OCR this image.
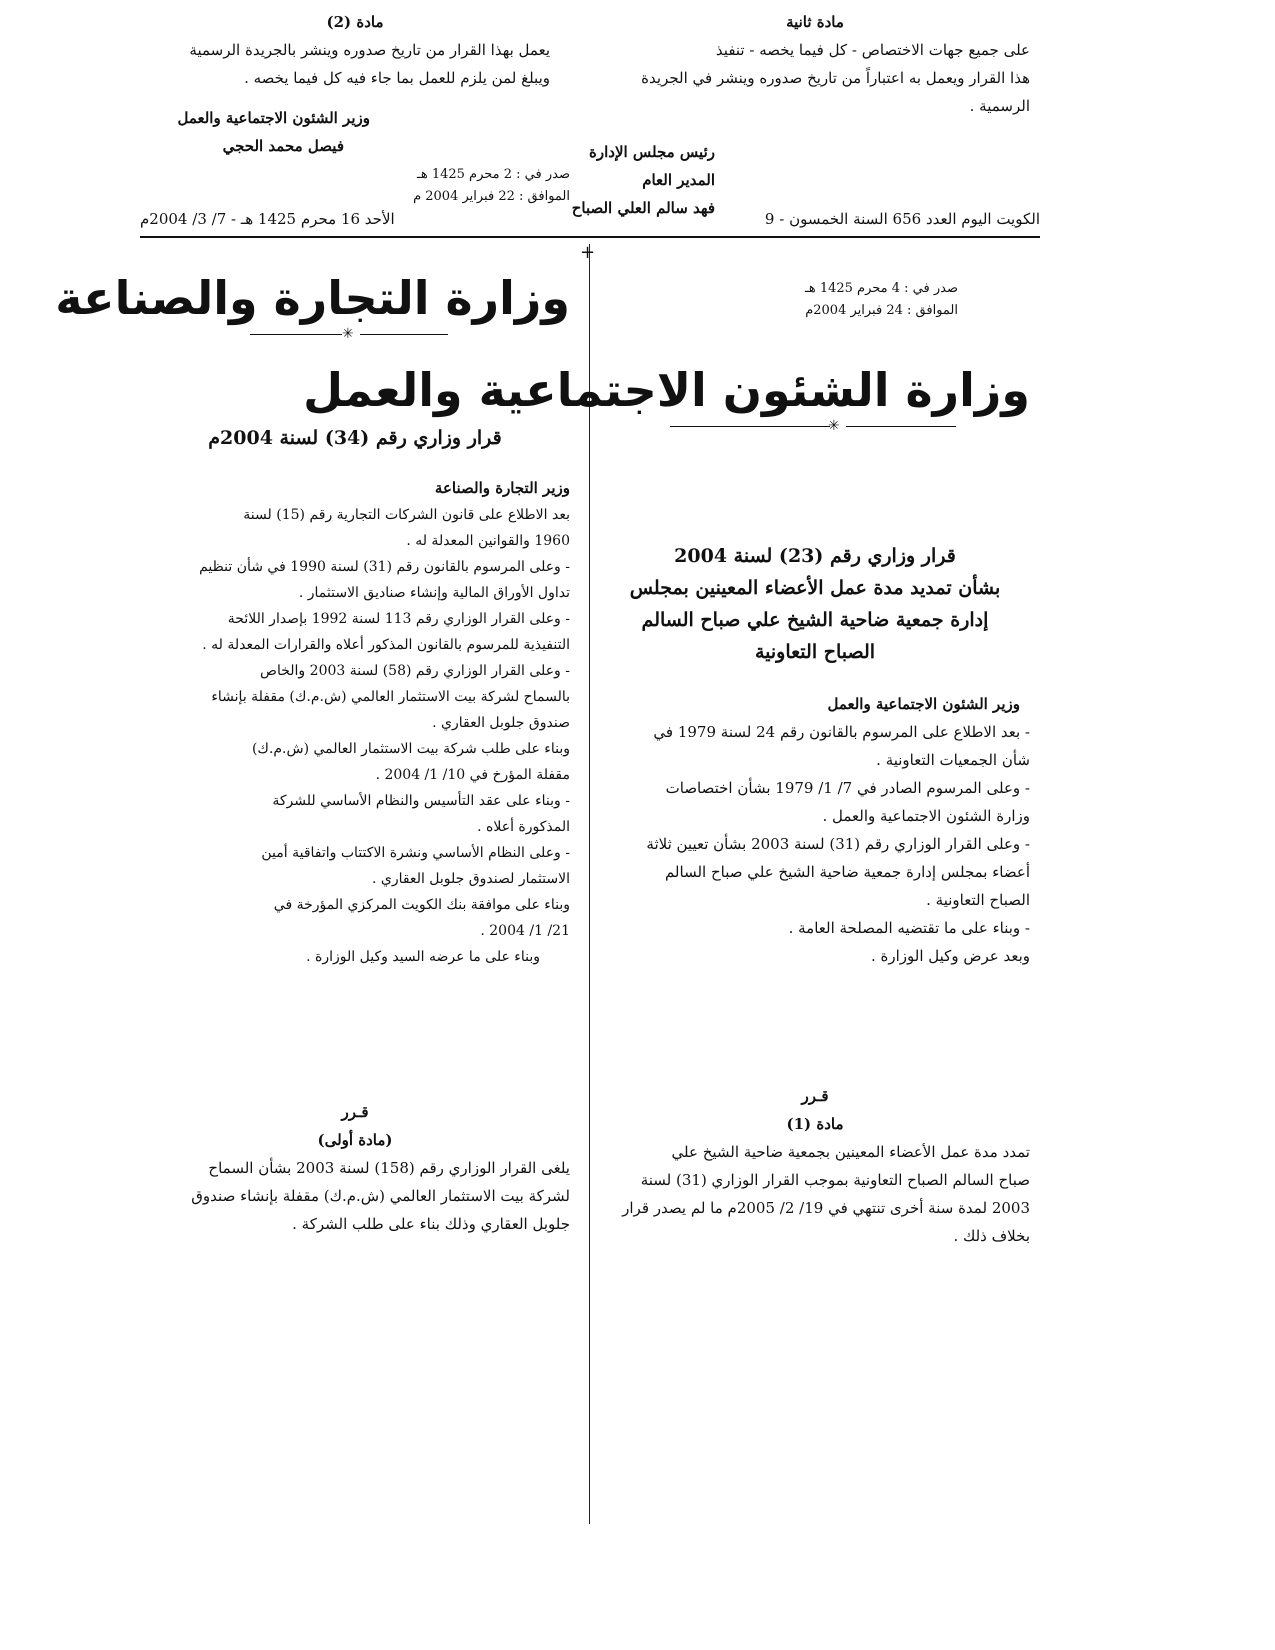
الكويت اليوم العدد 656 السنة الخمسون - 9
الأحد 16 محرم 1425 هـ - 7/ 3/ 2004م
+
مادة ثانية

على جميع جهات الاختصاص - كل فيما يخصه - تنفيذ

هذا القرار ويعمل به اعتباراً من تاريخ صدوره وينشر في الجريدة

الرسمية .

رئيس مجلس الإدارة
المدير العام
فهد سالم العلي الصباح
صدر في : 4 محرم 1425 هـ
الموافق : 24 فبراير 2004م
وزارة الشئون الاجتماعية والعمل
✳
قرار وزاري رقم (23) لسنة 2004
بشأن تمديد مدة عمل الأعضاء المعينين بمجلس
إدارة جمعية ضاحية الشيخ علي صباح السالم
الصباح التعاونية
وزير الشئون الاجتماعية والعمل

- بعد الاطلاع على المرسوم بالقانون رقم 24 لسنة 1979 في

شأن الجمعيات التعاونية .

- وعلى المرسوم الصادر في 7/ 1/ 1979 بشأن اختصاصات

وزارة الشئون الاجتماعية والعمل .

- وعلى القرار الوزاري رقم (31) لسنة 2003 بشأن تعيين ثلاثة

أعضاء بمجلس إدارة جمعية ضاحية الشيخ علي صباح السالم

الصباح التعاونية .

- وبناء على ما تقتضيه المصلحة العامة .

وبعد عرض وكيل الوزارة .

قـرر
مادة (1)

تمدد مدة عمل الأعضاء المعينين بجمعية ضاحية الشيخ علي

صباح السالم الصباح التعاونية بموجب القرار الوزاري (31) لسنة

2003 لمدة سنة أخرى تنتهي في 19/ 2/ 2005م ما لم يصدر قرار

بخلاف ذلك .

مادة (2)

يعمل بهذا القرار من تاريخ صدوره وينشر بالجريدة الرسمية

ويبلغ لمن يلزم للعمل بما جاء فيه كل فيما يخصه .

وزير الشئون الاجتماعية والعمل
فيصل محمد الحجي
صدر في : 2 محرم 1425 هـ
الموافق : 22 فبراير 2004 م
وزارة التجارة والصناعة
✳
قرار وزاري رقم (34) لسنة 2004م
وزير التجارة والصناعة

بعد الاطلاع على قانون الشركات التجارية رقم (15) لسنة

1960 والقوانين المعدلة له .

- وعلى المرسوم بالقانون رقم (31) لسنة 1990 في شأن تنظيم

تداول الأوراق المالية وإنشاء صناديق الاستثمار .

- وعلى القرار الوزاري رقم 113 لسنة 1992 بإصدار اللائحة

التنفيذية للمرسوم بالقانون المذكور أعلاه والقرارات المعدلة له .

- وعلى القرار الوزاري رقم (58) لسنة 2003 والخاص

بالسماح لشركة بيت الاستثمار العالمي (ش.م.ك) مقفلة بإنشاء

صندوق جلوبل العقاري .

وبناء على طلب شركة بيت الاستثمار العالمي (ش.م.ك)

مقفلة المؤرخ في 10/ 1/ 2004 .

- وبناء على عقد التأسيس والنظام الأساسي للشركة

المذكورة أعلاه .

- وعلى النظام الأساسي ونشرة الاكتتاب واتفاقية أمين

الاستثمار لصندوق جلوبل العقاري .

وبناء على موافقة بنك الكويت المركزي المؤرخة في

21/ 1/ 2004 .

وبناء على ما عرضه السيد وكيل الوزارة .

قـرر
(مادة أولى)

يلغى القرار الوزاري رقم (158) لسنة 2003 بشأن السماح

لشركة بيت الاستثمار العالمي (ش.م.ك) مقفلة بإنشاء صندوق

جلوبل العقاري وذلك بناء على طلب الشركة .
